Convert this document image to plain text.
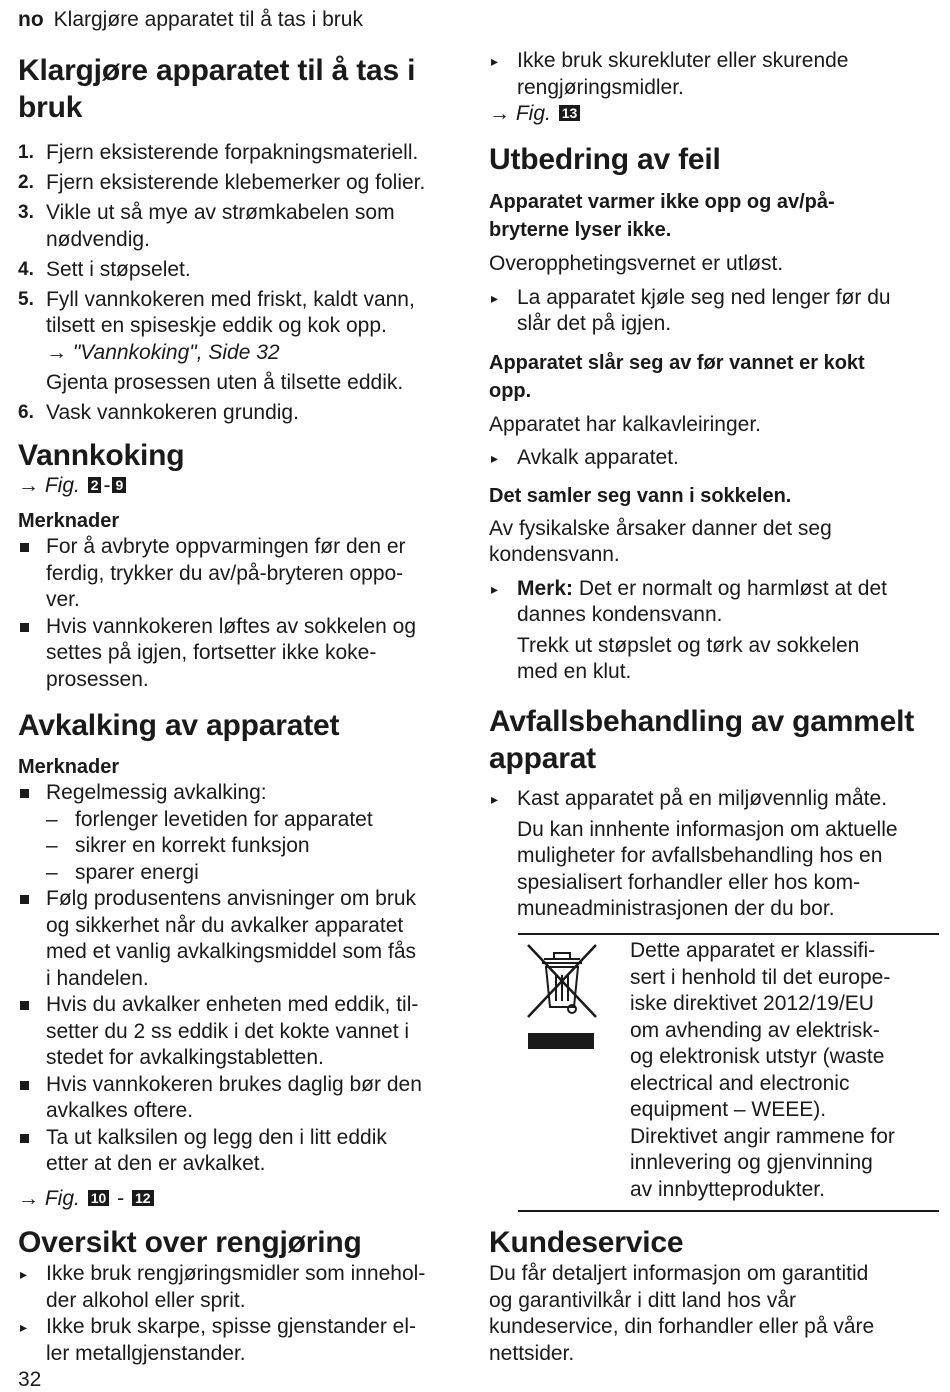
no Klargjøre apparatet til å tas i bruk
Klargjøre apparatet til å tas i
bruk
1. Fjern eksisterende forpakningsmateriell.
2. Fjern eksisterende klebemerker og folier.
3. Vikle ut så mye av strømkabelen som
nødvendig.
4. Sett i støpselet.
5. Fyll vannkokeren med friskt, kaldt vann,
tilsett en spiseskje eddik og kok opp.
→ "Vannkoking", Side 32
Gjenta prosessen uten å tilsette eddik.
6. Vask vannkokeren grundig.
Vannkoking
→ Fig. 2 - 9

Merknader

For å avbryte oppvarmingen før den er
ferdig, trykker du av/på-bryteren oppo-
ver.
Hvis vannkokeren løftes av sokkelen og
settes på igjen, fortsetter ikke koke-
prosessen.
Avkalking av apparatet

Merknader

Regelmessig avkalking:
– forlenger levetiden for apparatet
– sikrer en korrekt funksjon
– sparer energi
Følg produsentens anvisninger om bruk
og sikkerhet når du avkalker apparatet
med et vanlig avkalkingsmiddel som fås
i handelen.
Hvis du avkalker enheten med eddik, til-
setter du 2 ss eddik i det kokte vannet i
stedet for avkalkingstabletten.
Hvis vannkokeren brukes daglig bør den
avkalkes oftere.
Ta ut kalksilen og legg den i litt eddik
etter at den er avkalket.
→ Fig. 10 - 12
Oversikt over rengjøring
▸ Ikke bruk rengjøringsmidler som innehol-
der alkohol eller sprit.
▸ Ikke bruk skarpe, spisse gjenstander el-
ler metallgjenstander.
32
▸ Ikke bruk skurekluter eller skurende
rengjøringsmidler.
→ Fig. 13
Utbedring av feil

Apparatet varmer ikke opp og av/på-
bryterne lyser ikke.

Overopphetingsvernet er utløst.

▸ La apparatet kjøle seg ned lenger før du
slår det på igjen.

Apparatet slår seg av før vannet er kokt
opp.

Apparatet har kalkavleiringer.

▸ Avkalk apparatet.

Det samler seg vann i sokkelen.

Av fysikalske årsaker danner det seg
kondensvann.

▸ Merk: Det er normalt og harmløst at det
dannes kondensvann.
Trekk ut støpslet og tørk av sokkelen
med en klut.
Avfallsbehandling av gammelt
apparat
▸ Kast apparatet på en miljøvennlig måte.
Du kan innhente informasjon om aktuelle
muligheter for avfallsbehandling hos en
spesialisert forhandler eller hos kom-
muneadministrasjonen der du bor.
Dette apparatet er klassifi-
sert i henhold til det europe-
iske direktivet 2012/19/EU
om avhending av elektrisk-
og elektronisk utstyr (waste
electrical and electronic
equipment – WEEE).
Direktivet angir rammene for
innlevering og gjenvinning
av innbytteprodukter.
Kundeservice

Du får detaljert informasjon om garantitid
og garantivilkår i ditt land hos vår
kundeservice, din forhandler eller på våre
nettsider.
